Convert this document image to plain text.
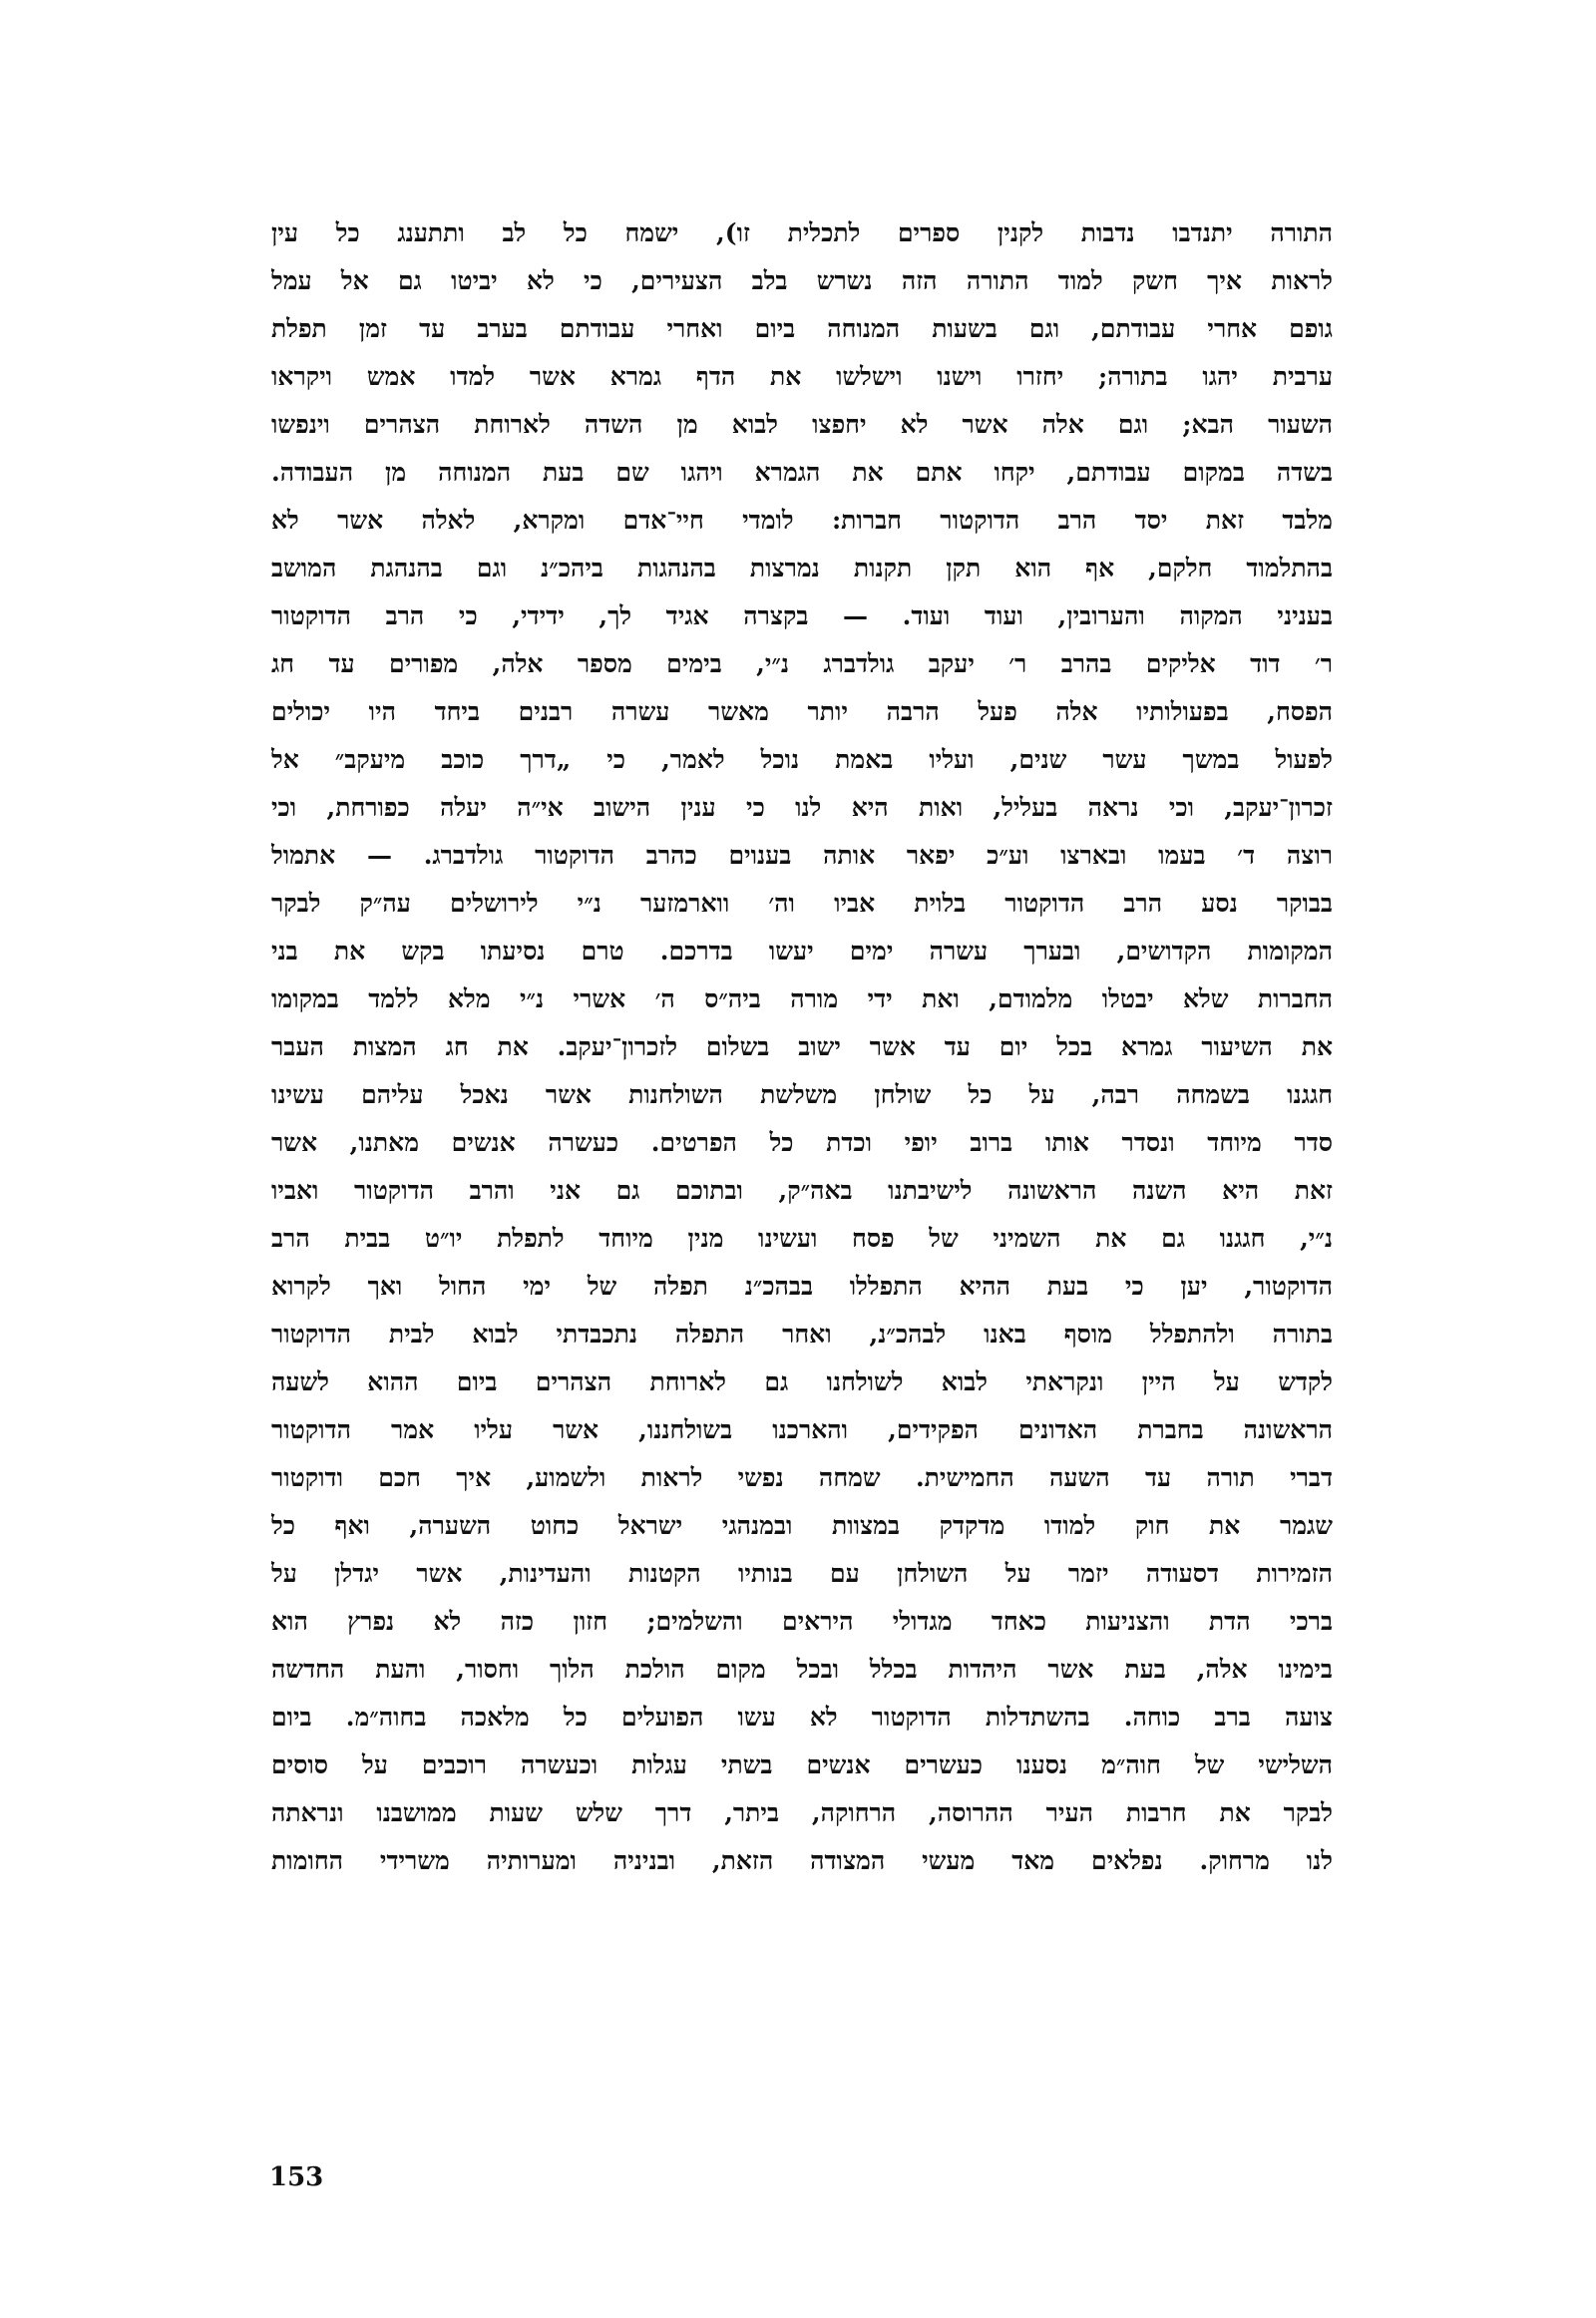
התורה יתנדבו נדבות לקנין ספרים לתכלית זו), ישמח כל לב ותתענג כל עין
לראות איך חשק למוד התורה הזה נשרש בלב הצעירים, כי לא יביטו גם אל עמל
גופם אחרי עבודתם, וגם בשעות המנוחה ביום ואחרי עבודתם בערב עד זמן תפלת
ערבית יהגו בתורה; יחזרו וישנו וישלשו את הדף גמרא אשר למדו אמש ויקראו
השעור הבא; וגם אלה אשר לא יחפצו לבוא מן השדה לארוחת הצהרים וינפשו
בשדה במקום עבודתם, יקחו אתם את הגמרא ויהגו שם בעת המנוחה מן העבודה.
מלבד זאת יסד הרב הדוקטור חברות: לומדי חיי־אדם ומקרא, לאלה אשר לא
בהתלמוד חלקם, אף הוא תקן תקנות נמרצות בהנהגות ביהכ״נ וגם בהנהגת המושב
בעניני המקוה והערובין, ועוד ועוד. — בקצרה אגיד לך, ידידי, כי הרב הדוקטור
ר׳ דוד אליקים בהרב ר׳ יעקב גולדברג נ״י, בימים מספר אלה, מפורים עד חג
הפסח, בפעולותיו אלה פעל הרבה יותר מאשר עשרה רבנים ביחד היו יכולים
לפעול במשך עשר שנים, ועליו באמת נוכל לאמר, כי „דרך כוכב מיעקב״ אל
זכרון־יעקב, וכי נראה בעליל, ואות היא לנו כי ענין הישוב אי״ה יעלה כפורחת, וכי
רוצה ד׳ בעמו ובארצו וע״כ יפאר אותה בענוים כהרב הדוקטור גולדברג. — אתמול
בבוקר נסע הרב הדוקטור בלוית אביו וה׳ ווארמזער נ״י לירושלים עה״ק לבקר
המקומות הקדושים, ובערך עשרה ימים יעשו בדרכם. טרם נסיעתו בקש את בני
החברות שלא יבטלו מלמודם, ואת ידי מורה ביה״ס ה׳ אשרי נ״י מלא ללמד במקומו
את השיעור גמרא בכל יום עד אשר ישוב בשלום לזכרון־יעקב. את חג המצות העבר
חגגנו בשמחה רבה, על כל שולחן משלשת השולחנות אשר נאכל עליהם עשינו
סדר מיוחד ונסדר אותו ברוב יופי וכדת כל הפרטים. כעשרה אנשים מאתנו, אשר
זאת היא השנה הראשונה לישיבתנו באה״ק, ובתוכם גם אני והרב הדוקטור ואביו
נ״י, חגגנו גם את השמיני של פסח ועשינו מנין מיוחד לתפלת יו״ט בבית הרב
הדוקטור, יען כי בעת ההיא התפללו בבהכ״נ תפלה של ימי החול ואך לקרוא
בתורה ולהתפלל מוסף באנו לבהכ״נ, ואחר התפלה נתכבדתי לבוא לבית הדוקטור
לקדש על היין ונקראתי לבוא לשולחנו גם לארוחת הצהרים ביום ההוא לשעה
הראשונה בחברת האדונים הפקידים, והארכנו בשולחננו, אשר עליו אמר הדוקטור
דברי תורה עד השעה החמישית. שמחה נפשי לראות ולשמוע, איך חכם ודוקטור
שגמר את חוק למודו מדקדק במצוות ובמנהגי ישראל כחוט השערה, ואף כל
הזמירות דסעודה יזמר על השולחן עם בנותיו הקטנות והעדינות, אשר יגדלן על
ברכי הדת והצניעות כאחד מגדולי היראים והשלמים; חזון כזה לא נפרץ הוא
בימינו אלה, בעת אשר היהדות בכלל ובכל מקום הולכת הלוך וחסור, והעת החדשה
צועה ברב כוחה. בהשתדלות הדוקטור לא עשו הפועלים כל מלאכה בחוה״מ. ביום
השלישי של חוה״מ נסענו כעשרים אנשים בשתי עגלות וכעשרה רוכבים על סוסים
לבקר את חרבות העיר ההרוסה, הרחוקה, ביתר, דרך שלש שעות ממושבנו ונראתה
לנו מרחוק. נפלאים מאד מעשי המצודה הזאת, ובניניה ומערותיה משרידי החומות
153
